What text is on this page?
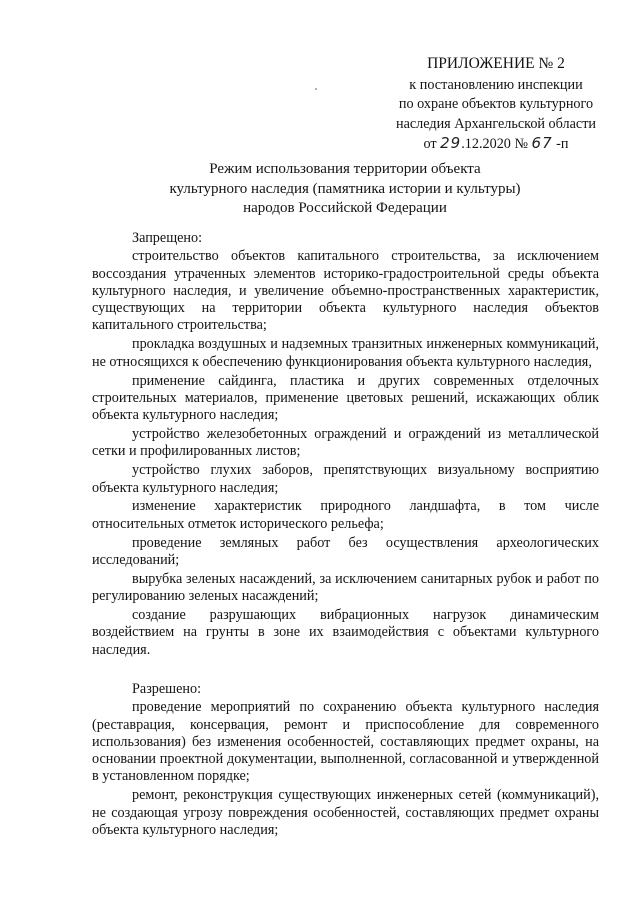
ПРИЛОЖЕНИЕ № 2
к постановлению инспекции
по охране объектов культурного
наследия Архангельской области
от 29.12.2020 № 67 -п
Режим использования территории объекта
культурного наследия (памятника истории и культуры)
народов Российской Федерации
Запрещено:

строительство объектов капитального строительства, за исключением воссоздания утраченных элементов историко-градостроительной среды объекта культурного наследия, и увеличение объемно-пространственных характеристик, существующих на территории объекта культурного наследия объектов капитального строительства;

прокладка воздушных и надземных транзитных инженерных коммуникаций, не относящихся к обеспечению функционирования объекта культурного наследия,

применение сайдинга, пластика и других современных отделочных строительных материалов, применение цветовых решений, искажающих облик объекта культурного наследия;

устройство железобетонных ограждений и ограждений из металлической сетки и профилированных листов;

устройство глухих заборов, препятствующих визуальному восприятию объекта культурного наследия;

изменение характеристик природного ландшафта, в том числе относительных отметок исторического рельефа;

проведение земляных работ без осуществления археологических исследований;

вырубка зеленых насаждений, за исключением санитарных рубок и работ по регулированию зеленых насаждений;

создание разрушающих вибрационных нагрузок динамическим воздействием на грунты в зоне их взаимодействия с объектами культурного наследия.

Разрешено:

проведение мероприятий по сохранению объекта культурного наследия (реставрация, консервация, ремонт и приспособление для современного использования) без изменения особенностей, составляющих предмет охраны, на основании проектной документации, выполненной, согласованной и утвержденной в установленном порядке;

ремонт, реконструкция существующих инженерных сетей (коммуникаций), не создающая угрозу повреждения особенностей, составляющих предмет охраны объекта культурного наследия;
